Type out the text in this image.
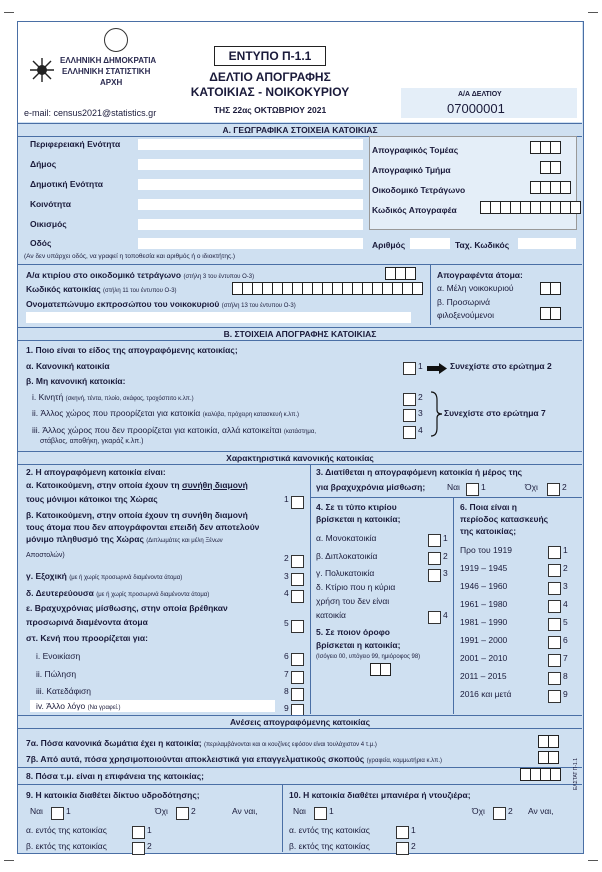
ΕΛΛΗΝΙΚΗ ΔΗΜΟΚΡΑΤΙΑ
ΕΛΛΗΝΙΚΗ ΣΤΑΤΙΣΤΙΚΗ
ΑΡΧΗ
ΕΝΤΥΠΟ Π-1.1
ΔΕΛΤΙΟ ΑΠΟΓΡΑΦΗΣ
ΚΑΤΟΙΚΙΑΣ - ΝΟΙΚΟΚΥΡΙΟΥ
ΤΗΣ 22ας ΟΚΤΩΒΡΙΟΥ 2021
e-mail: census2021@statistics.gr
Α/Α ΔΕΛΤΙΟΥ
07000001
Α. ΓΕΩΓΡΑΦΙΚΑ ΣΤΟΙΧΕΙΑ ΚΑΤΟΙΚΙΑΣ
Περιφερειακή Ενότητα
Δήμος
Δημοτική Ενότητα
Κοινότητα
Οικισμός
Οδός
Απογραφικός Τομέας
Απογραφικό Τμήμα
Οικοδομικό Τετράγωνο
Κωδικός Απογραφέα
Αριθμός	Ταχ. Κωδικός
(Αν δεν υπάρχει οδός, να γραφεί η τοποθεσία και αριθμός ή ο ιδιοκτήτης.)
Α/α κτιρίου στο οικοδομικό τετράγωνο (στήλη 3 του έντυπου Ο-3)
Κωδικός κατοικίας (στήλη 11 του έντυπου Ο-3)
Ονοματεπώνυμο εκπροσώπου του νοικοκυριού (στήλη 13 του έντυπου Ο-3)
Απογραφέντα άτομα:
α. Μέλη νοικοκυριού
β. Προσωρινά
φιλοξενούμενοι
Β. ΣΤΟΙΧΕΙΑ ΑΠΟΓΡΑΦΗΣ ΚΑΤΟΙΚΙΑΣ
1. Ποιο είναι το είδος της απογραφόμενης κατοικίας;
α. Κανονική κατοικία	1	Συνεχίστε στο ερώτημα 2
β. Μη κανονική κατοικία:
i. Κινητή (σκηνή, τέντα, πλοίο, σκάφος, τροχόσπιτο κ.λπ.)	2
ii. Άλλος χώρος που προορίζεται για κατοικία (καλύβα, πρόχειρη κατασκευή κ.λπ.)	3
iii. Άλλος χώρος που δεν προορίζεται για κατοικία, αλλά κατοικείται (κατάστημα,
στάβλος, αποθήκη, γκαράζ κ.λπ.)
4
Συνεχίστε στο ερώτημα 7
Χαρακτηριστικά κανονικής κατοικίας
2. Η απογραφόμενη κατοικία είναι:
α. Κατοικούμενη, στην οποία έχουν τη συνήθη διαμονή
τους μόνιμοι κάτοικοι της Χώρας	1
β. Κατοικούμενη, στην οποία έχουν τη συνήθη διαμονή
τους άτομα που δεν απογράφονται επειδή δεν αποτελούν
μόνιμο πληθυσμό της Χώρας (Διπλωμάτες και μέλη Ξένων
Αποστολών)	2
γ. Εξοχική (με ή χωρίς προσωρινά διαμένοντα άτομα)	3
δ. Δευτερεύουσα (με ή χωρίς προσωρινά διαμένοντα άτομα)	4
ε. Βραχυχρόνιας μίσθωσης, στην οποία βρέθηκαν
προσωρινά διαμένοντα άτομα	5
στ. Κενή που προορίζεται για:
i. Ενοικίαση	6
ii. Πώληση	7
iii. Κατεδάφιση	8
iv. Άλλο λόγο (Να γραφεί.)	9
3. Διατίθεται η απογραφόμενη κατοικία ή μέρος της
για βραχυχρόνια μίσθωση;	Ναι 1	Όχι	2
4. Σε τι τύπο κτιρίου
βρίσκεται η κατοικία;
α. Μονοκατοικία	1
β. Διπλοκατοικία	2
γ. Πολυκατοικία	3
δ. Κτίριο που η κύρια
χρήση του δεν είναι
κατοικία	4
5. Σε ποιον όροφο
βρίσκεται η κατοικία;
(Ισόγειο 00, υπόγειο 99, ημιόροφος 98)
6. Ποια είναι η
περίοδος κατασκευής
της κατοικίας;
Προ του 1919	1
1919 – 1945	2
1946 – 1960	3
1961 – 1980	4
1981 – 1990	5
1991 – 2000	6
2001 – 2010	7
2011 – 2015	8
2016 και μετά	9
Ανέσεις απογραφόμενης κατοικίας
7α. Πόσα κανονικά δωμάτια έχει η κατοικία; (περιλαμβάνονται και οι κουζίνες εφόσον είναι τουλάχιστον 4 τ.μ.)
7β. Από αυτά, πόσα χρησιμοποιούνται αποκλειστικά για επαγγελματικούς σκοπούς (γραφεία, κομμωτήρια κ.λπ.)
8. Πόσα τ.μ. είναι η επιφάνεια της κατοικίας;
9. Η κατοικία διαθέτει δίκτυο υδροδότησης;
Ναι	1	Όχι	2	Αν ναι,
α. εντός της κατοικίας	1
β. εκτός της κατοικίας	2
10. Η κατοικία διαθέτει μπανιέρα ή ντουζιέρα;
Ναι	1	Όχι	2 Αν ναι,
α. εντός της κατοικίας	1
β. εκτός της κατοικίας	2
ΕΛΣΤΑΤ Π-1.1
